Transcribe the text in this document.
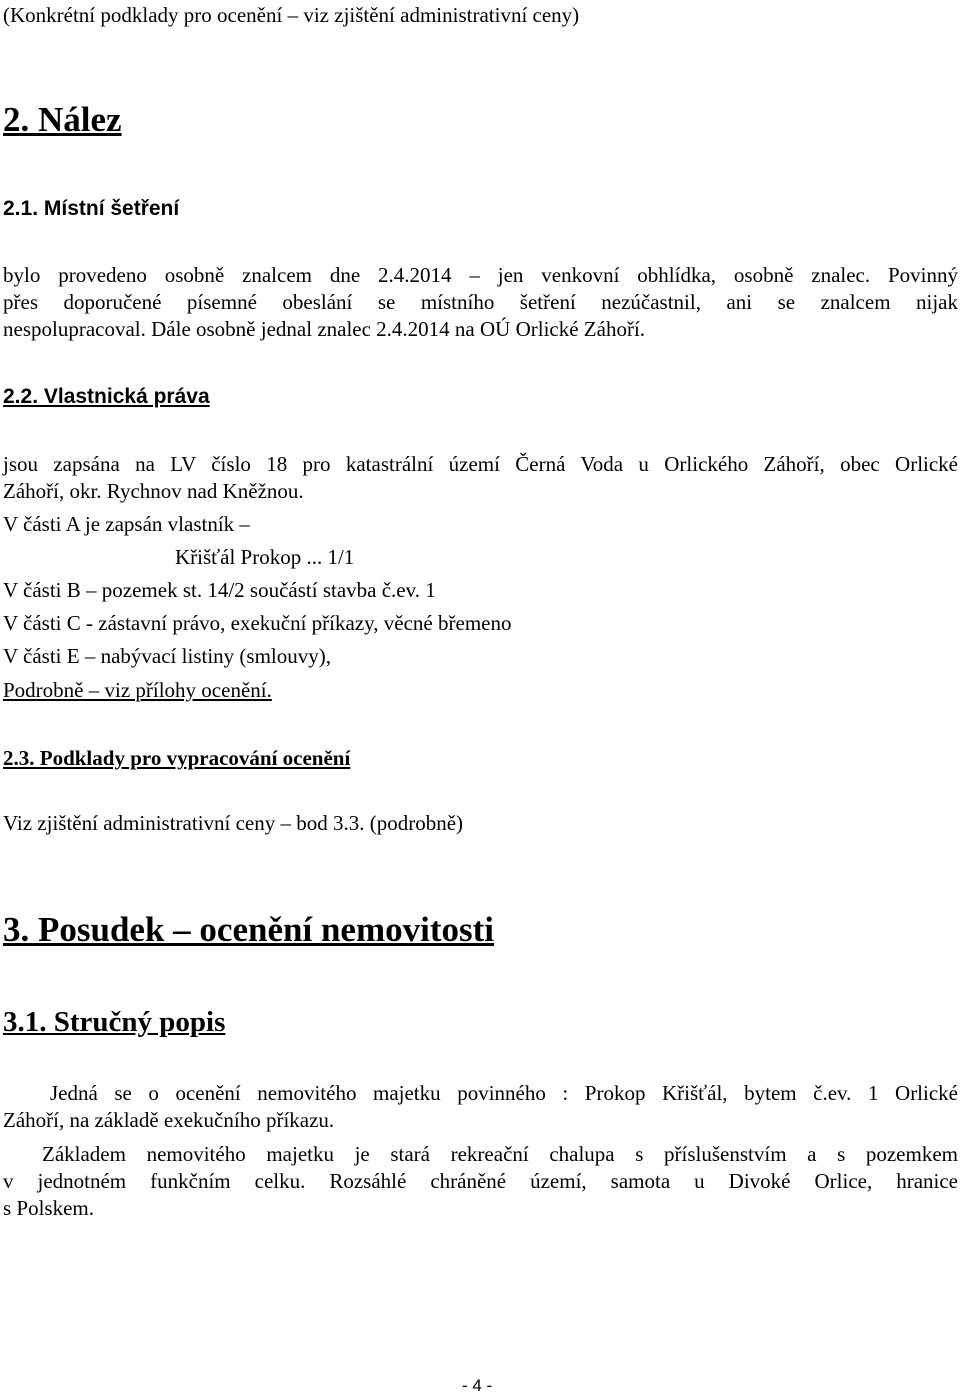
(Konkrétní podklady pro ocenění – viz zjištění administrativní ceny)
2. Nález
2.1. Místní šetření
bylo provedeno osobně znalcem dne 2.4.2014 – jen venkovní obhlídka, osobně znalec. Povinný
přes doporučené písemné obeslání se místního šetření nezúčastnil, ani se znalcem nijak
nespolupracoval. Dále osobně jednal znalec 2.4.2014 na OÚ Orlické Záhoří.
2.2. Vlastnická práva
jsou zapsána na LV číslo 18 pro katastrální území Černá Voda u Orlického Záhoří, obec Orlické
Záhoří, okr. Rychnov nad Kněžnou.
V části A je zapsán vlastník –
Křišťál Prokop ... 1/1
V části B – pozemek st. 14/2 součástí stavba č.ev. 1
V části C - zástavní právo, exekuční příkazy, věcné břemeno
V části E – nabývací listiny (smlouvy),
Podrobně – viz přílohy ocenění.
2.3. Podklady pro vypracování ocenění
Viz zjištění administrativní ceny – bod 3.3. (podrobně)
3. Posudek – ocenění nemovitosti
3.1. Stručný popis
Jedná se o ocenění nemovitého majetku povinného : Prokop Křišťál, bytem č.ev. 1 Orlické
Záhoří, na základě exekučního příkazu.
Základem nemovitého majetku je stará rekreační chalupa s příslušenstvím a s pozemkem
v jednotném funkčním celku. Rozsáhlé chráněné území, samota u Divoké Orlice, hranice
s Polskem.
- 4 -
